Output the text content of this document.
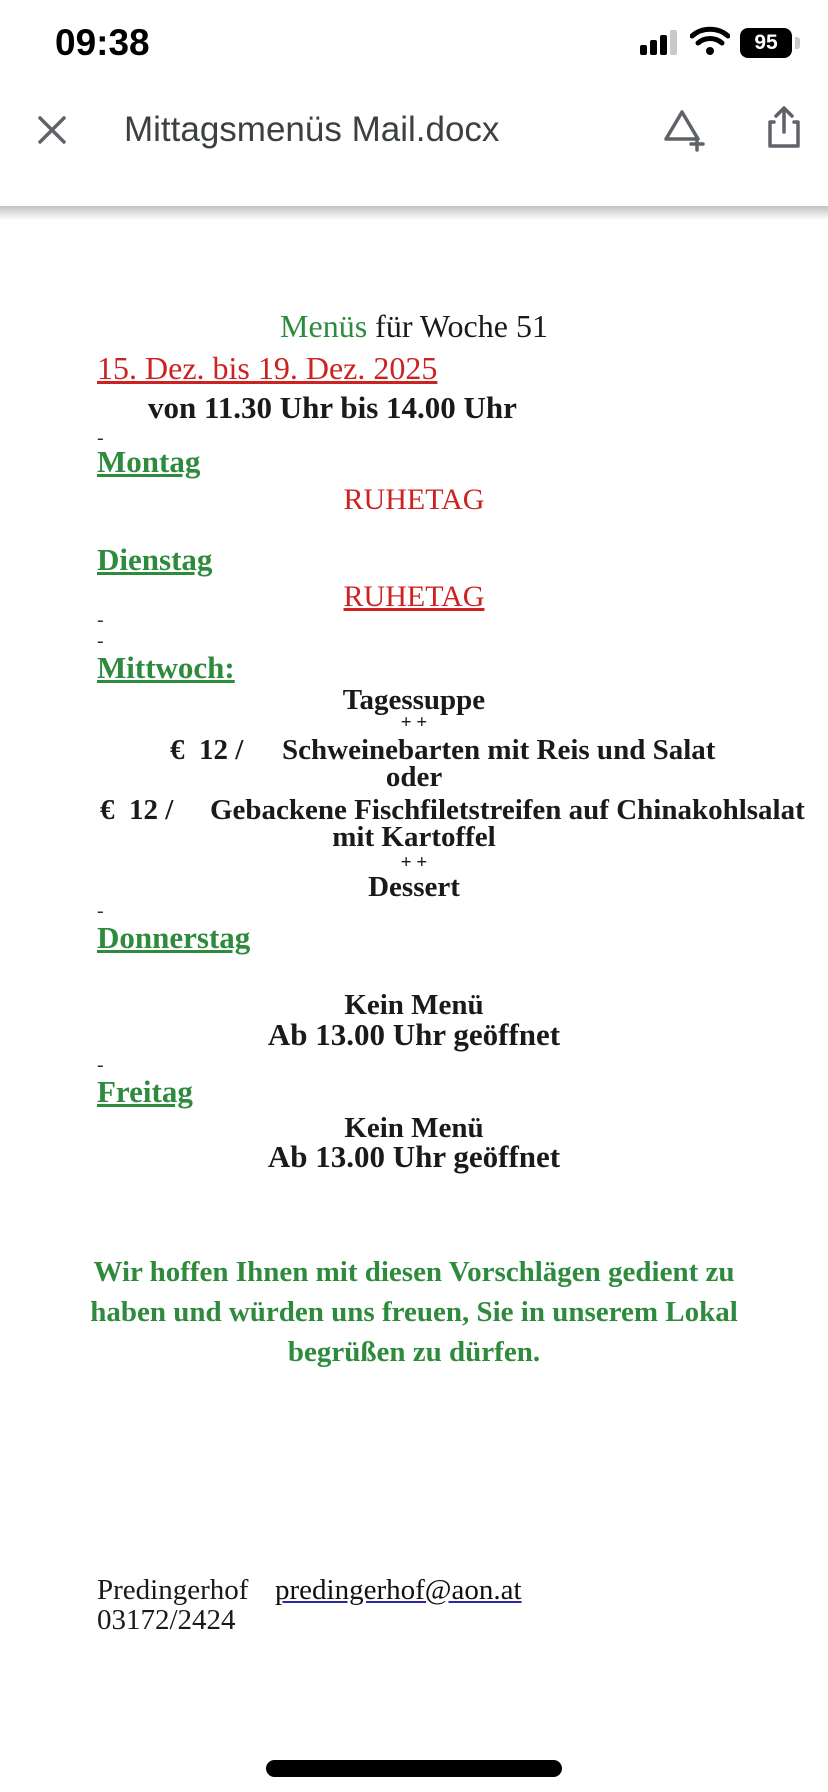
09:38	95
Mittagsmenüs Mail.docx
Menüs für Woche 51
15. Dez. bis 19. Dez. 2025
von 11.30 Uhr bis 14.00 Uhr
-
Montag
RUHETAG
Dienstag
RUHETAG
-
-
Mittwoch:
Tagessuppe
+ +
€  12 / Schweinebarten mit Reis und Salat
oder
€  12 / Gebackene Fischfiletstreifen auf Chinakohlsalat
mit Kartoffel
+ +
Dessert
-
Donnerstag
Kein Menü
Ab 13.00 Uhr geöffnet
-
Freitag
Kein Menü
Ab 13.00 Uhr geöffnet
Wir hoffen Ihnen mit diesen Vorschlägen gedient zu haben und würden uns freuen, Sie in unserem Lokal begrüßen zu dürfen.
Predingerhof predingerhof@aon.at
03172/2424
